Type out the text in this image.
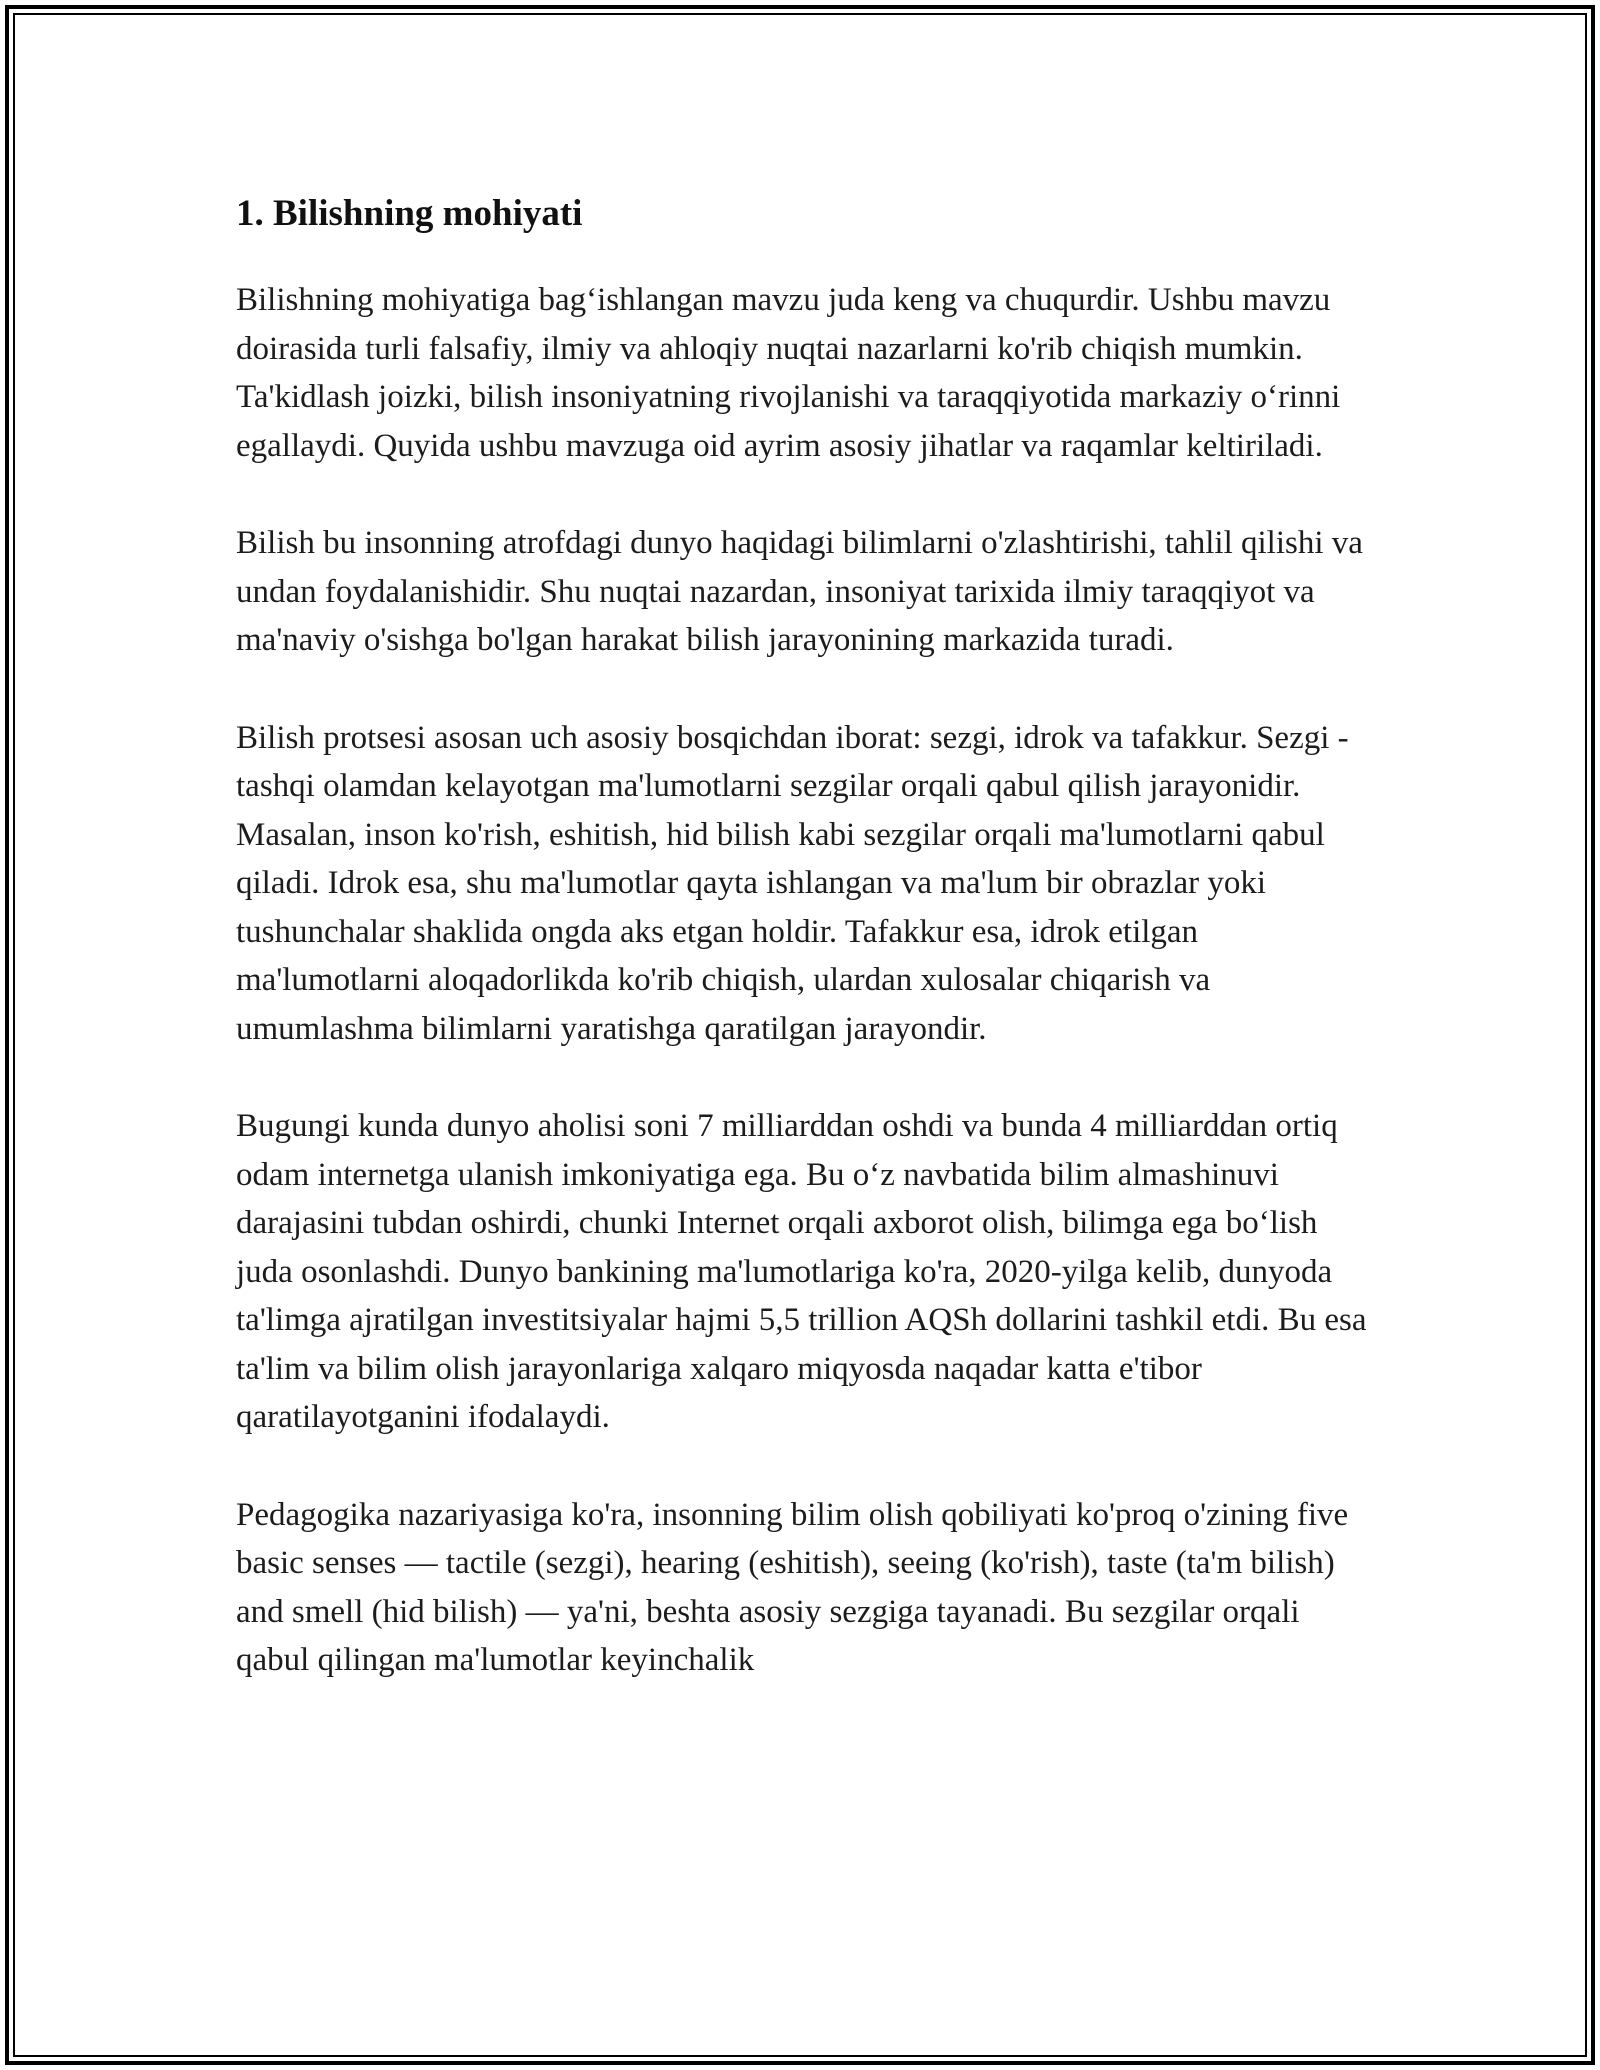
1. Bilishning mohiyati

Bilishning mohiyatiga bag‘ishlangan mavzu juda keng va chuqurdir. Ushbu mavzu doirasida turli falsafiy, ilmiy va ahloqiy nuqtai nazarlarni ko'rib chiqish mumkin. Ta'kidlash joizki, bilish insoniyatning rivojlanishi va taraqqiyotida markaziy o‘rinni egallaydi. Quyida ushbu mavzuga oid ayrim asosiy jihatlar va raqamlar keltiriladi.

Bilish bu insonning atrofdagi dunyo haqidagi bilimlarni o'zlashtirishi, tahlil qilishi va undan foydalanishidir. Shu nuqtai nazardan, insoniyat tarixida ilmiy taraqqiyot va ma'naviy o'sishga bo'lgan harakat bilish jarayonining markazida turadi.

Bilish protsesi asosan uch asosiy bosqichdan iborat: sezgi, idrok va tafakkur. Sezgi - tashqi olamdan kelayotgan ma'lumotlarni sezgilar orqali qabul qilish jarayonidir. Masalan, inson ko'rish, eshitish, hid bilish kabi sezgilar orqali ma'lumotlarni qabul qiladi. Idrok esa, shu ma'lumotlar qayta ishlangan va ma'lum bir obrazlar yoki tushunchalar shaklida ongda aks etgan holdir. Tafakkur esa, idrok etilgan ma'lumotlarni aloqadorlikda ko'rib chiqish, ulardan xulosalar chiqarish va umumlashma bilimlarni yaratishga qaratilgan jarayondir.

Bugungi kunda dunyo aholisi soni 7 milliarddan oshdi va bunda 4 milliarddan ortiq odam internetga ulanish imkoniyatiga ega. Bu o‘z navbatida bilim almashinuvi darajasini tubdan oshirdi, chunki Internet orqali axborot olish, bilimga ega bo‘lish juda osonlashdi. Dunyo bankining ma'lumotlariga ko'ra, 2020-yilga kelib, dunyoda ta'limga ajratilgan investitsiyalar hajmi 5,5 trillion AQSh dollarini tashkil etdi. Bu esa ta'lim va bilim olish jarayonlariga xalqaro miqyosda naqadar katta e'tibor qaratilayotganini ifodalaydi.

Pedagogika nazariyasiga ko'ra, insonning bilim olish qobiliyati ko'proq o'zining five basic senses — tactile (sezgi), hearing (eshitish), seeing (ko'rish), taste (ta'm bilish) and smell (hid bilish) — ya'ni, beshta asosiy sezgiga tayanadi. Bu sezgilar orqali qabul qilingan ma'lumotlar keyinchalik
